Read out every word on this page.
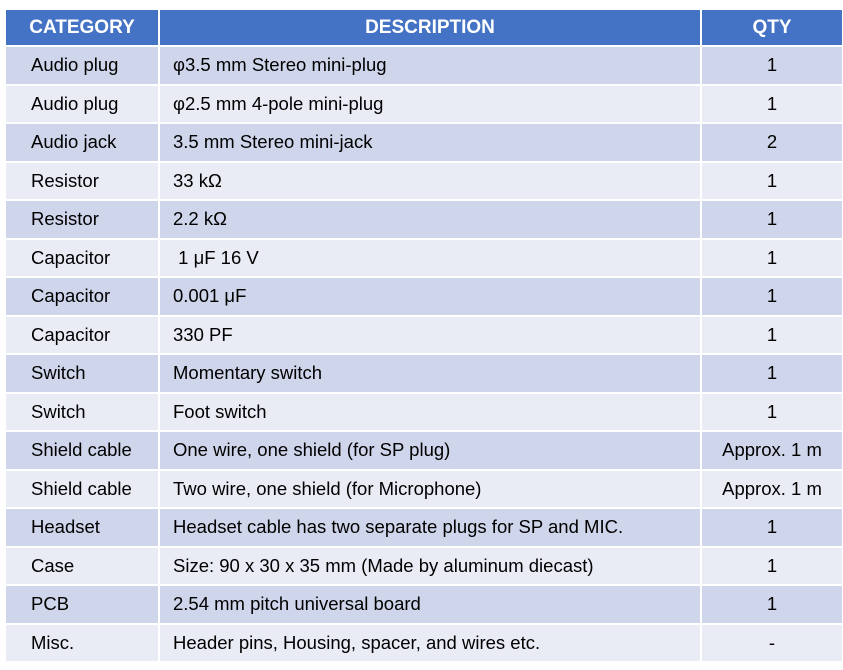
CATEGORY	DESCRIPTION	QTY
Audio plug	φ3.5 mm Stereo mini-plug	1
Audio plug	φ2.5 mm 4-pole mini-plug	1
Audio jack	3.5 mm Stereo mini-jack	2
Resistor	33 kΩ	1
Resistor	2.2 kΩ	1
Capacitor	1 μF 16 V	1
Capacitor	0.001 μF	1
Capacitor	330 PF	1
Switch	Momentary switch	1
Switch	Foot switch	1
Shield cable	One wire, one shield (for SP plug)	Approx. 1 m
Shield cable	Two wire, one shield (for Microphone)	Approx. 1 m
Headset	Headset cable has two separate plugs for SP and MIC.	1
Case	Size: 90 x 30 x 35 mm (Made by aluminum diecast)	1
PCB	2.54 mm pitch universal board	1
Misc.	Header pins, Housing, spacer, and wires etc.	-
